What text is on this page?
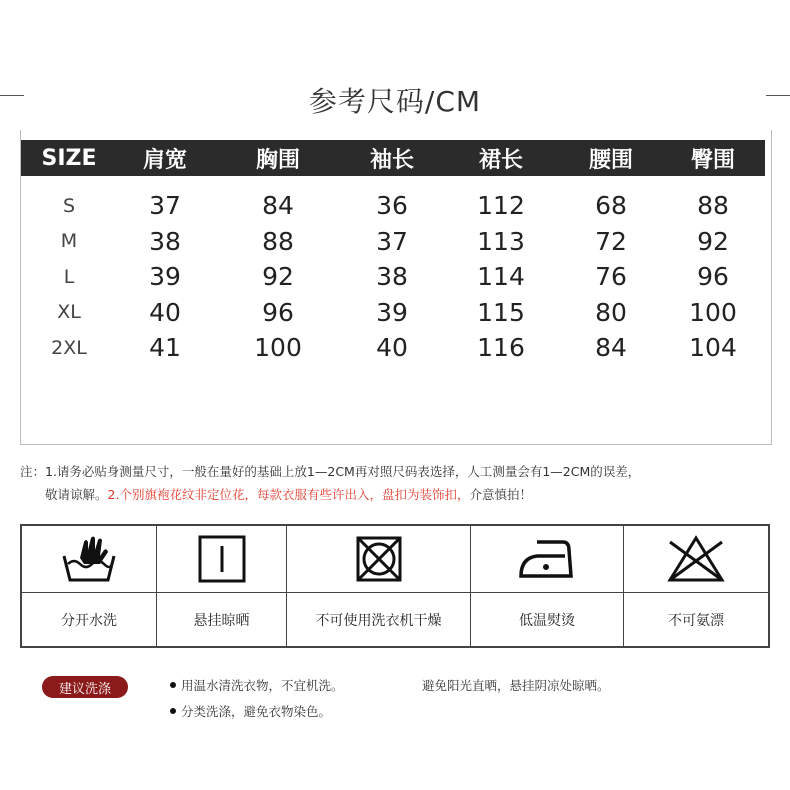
参考尺码/CM
SIZE	肩宽	胸围	袖长	裙长	腰围	臀围
S	37	84	36	112	68	88
M	38	88	37	113	72	92
L	39	92	38	114	76	96
XL	40	96	39	115	80	100
2XL	41	100	40	116	84	104
注：1.请务必贴身测量尺寸，一般在量好的基础上放1—2CM再对照尺码表选择，人工测量会有1—2CM的误差，
敬请谅解。2.个别旗袍花纹非定位花，每款衣服有些许出入，盘扣为装饰扣，介意慎拍！
分开水洗	悬挂晾晒	不可使用洗衣机干燥	低温熨烫	不可氨漂
建议洗涤	用温水清洗衣物，不宜机洗。	避免阳光直晒，悬挂阴凉处晾晒。
分类洗涤，避免衣物染色。
